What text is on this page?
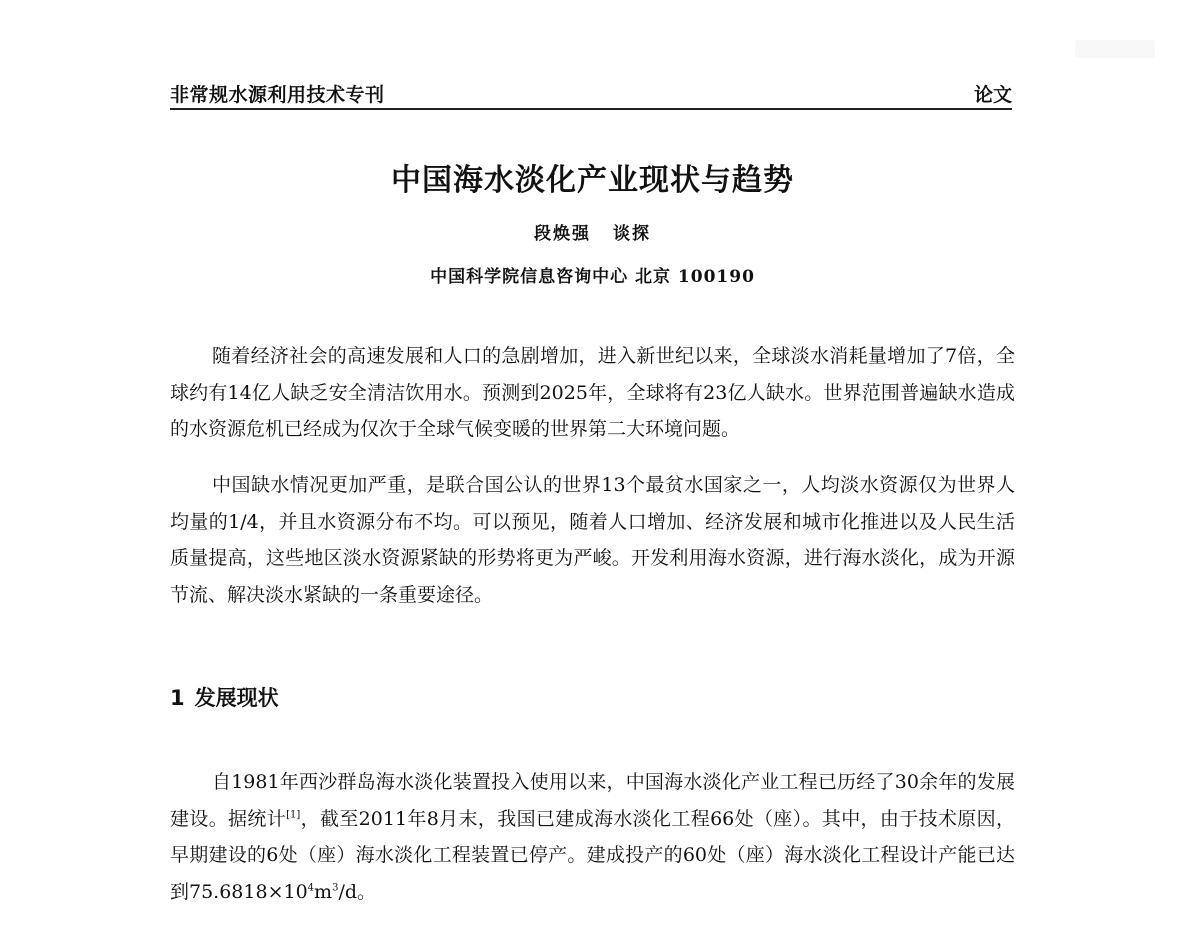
非常规水源利用技术专刊	论文
中国海水淡化产业现状与趋势
段焕强 谈探
中国科学院信息咨询中心 北京 100190

随着经济社会的高速发展和人口的急剧增加，进入新世纪以来，全球淡水消耗量增加了7倍，全球约有14亿人缺乏安全清洁饮用水。预测到2025年，全球将有23亿人缺水。世界范围普遍缺水造成的水资源危机已经成为仅次于全球气候变暖的世界第二大环境问题。

中国缺水情况更加严重，是联合国公认的世界13个最贫水国家之一，人均淡水资源仅为世界人均量的1/4，并且水资源分布不均。可以预见，随着人口增加、经济发展和城市化推进以及人民生活质量提高，这些地区淡水资源紧缺的形势将更为严峻。开发利用海水资源，进行海水淡化，成为开源节流、解决淡水紧缺的一条重要途径。

1 发展现状

自1981年西沙群岛海水淡化装置投入使用以来，中国海水淡化产业工程已历经了30余年的发展建设。据统计[1]，截至2011年8月末，我国已建成海水淡化工程66处（座）。其中，由于技术原因，早期建设的6处（座）海水淡化工程装置已停产。建成投产的60处（座）海水淡化工程设计产能已达到$75.6818\times 10^4m^3/d$。
